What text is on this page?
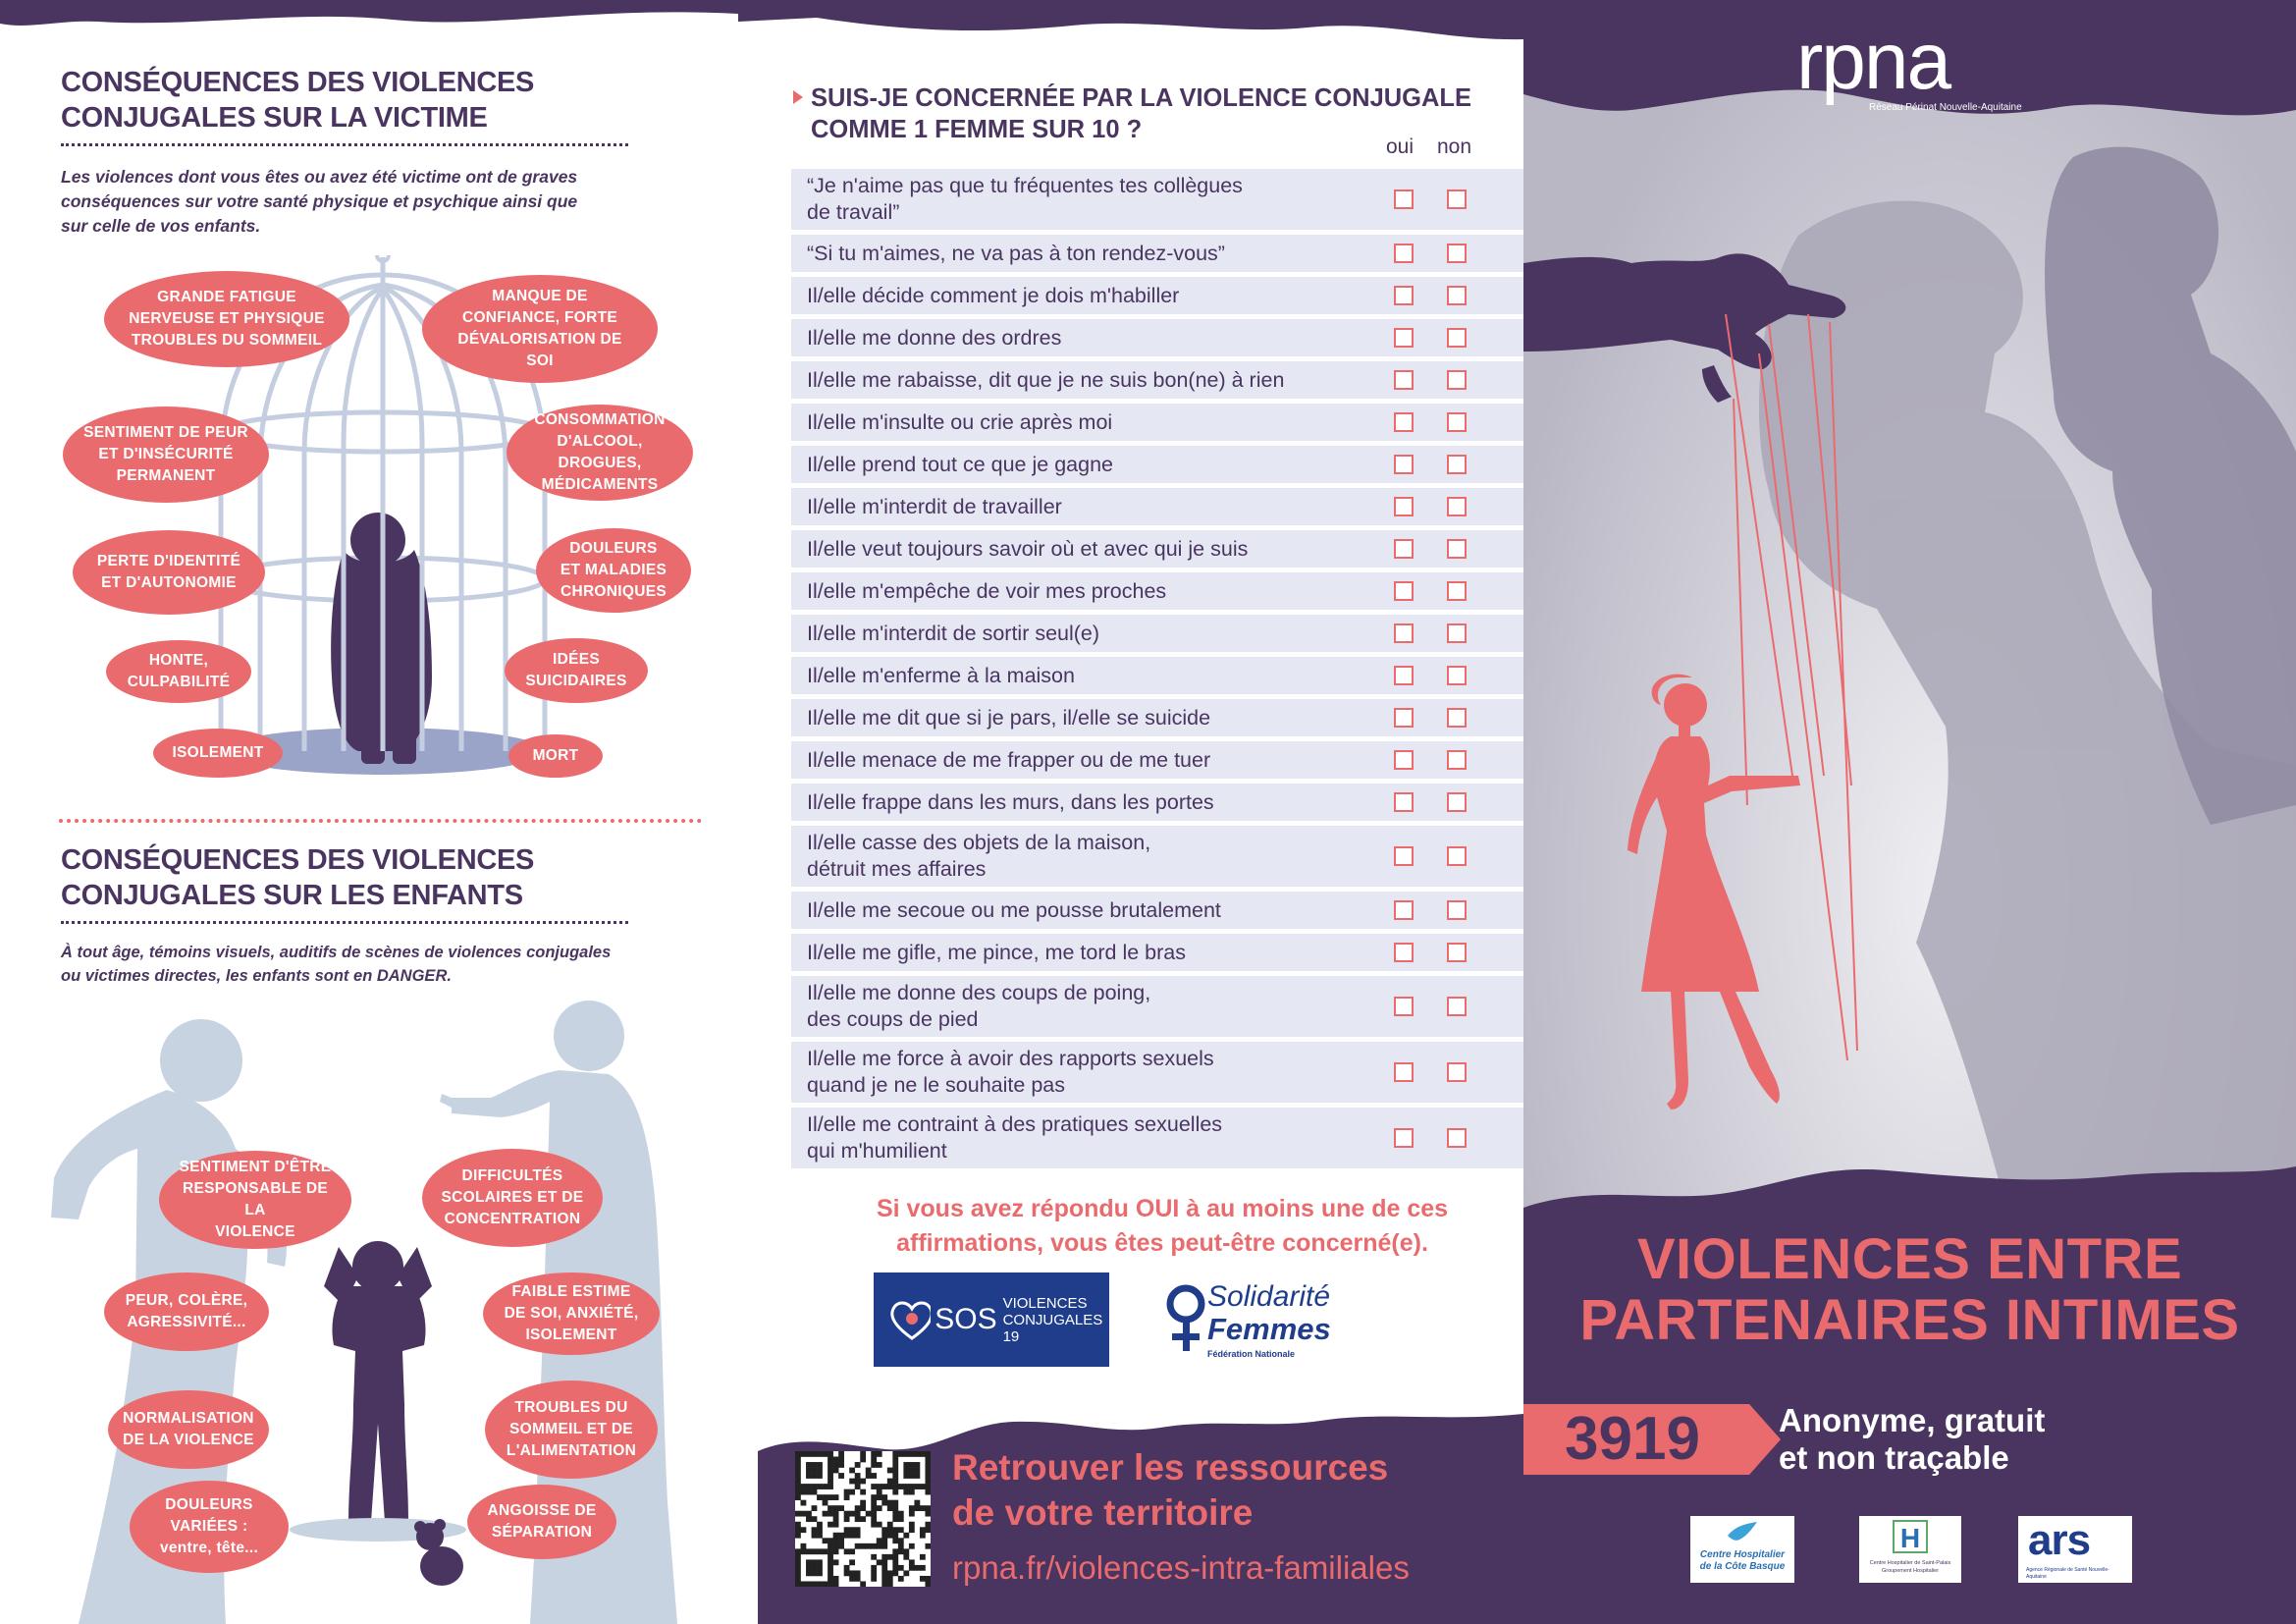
CONSÉQUENCES DES VIOLENCES
CONJUGALES SUR LA VICTIME
Les violences dont vous êtes ou avez été victime ont de graves
conséquences sur votre santé physique et psychique ainsi que
sur celle de vos enfants.
GRANDE FATIGUE
NERVEUSE ET PHYSIQUE
TROUBLES DU SOMMEIL
MANQUE DE
CONFIANCE, FORTE
DÉVALORISATION DE
SOI
SENTIMENT DE PEUR
ET D'INSÉCURITÉ
PERMANENT
CONSOMMATION
D'ALCOOL, DROGUES,
MÉDICAMENTS
PERTE D'IDENTITÉ
ET D'AUTONOMIE
DOULEURS
ET MALADIES
CHRONIQUES
HONTE,
CULPABILITÉ
IDÉES
SUICIDAIRES
ISOLEMENT	MORT
CONSÉQUENCES DES VIOLENCES
CONJUGALES SUR LES ENFANTS
À tout âge, témoins visuels, auditifs de scènes de violences conjugales
ou victimes directes, les enfants sont en DANGER.
SENTIMENT D'ÊTRE
RESPONSABLE DE LA
VIOLENCE
DIFFICULTÉS
SCOLAIRES ET DE
CONCENTRATION
PEUR, COLÈRE,
AGRESSIVITÉ...
FAIBLE ESTIME
DE SOI, ANXIÉTÉ,
ISOLEMENT
NORMALISATION
DE LA VIOLENCE
TROUBLES DU
SOMMEIL ET DE
L'ALIMENTATION
DOULEURS
VARIÉES :
ventre, tête...
ANGOISSE DE
SÉPARATION
SUIS-JE CONCERNÉE PAR LA VIOLENCE CONJUGALE
COMME 1 FEMME SUR 10 ?
oui non
“Je n'aime pas que tu fréquentes tes collègues
de travail”
“Si tu m'aimes, ne va pas à ton rendez-vous”
Il/elle décide comment je dois m'habiller
Il/elle me donne des ordres
Il/elle me rabaisse, dit que je ne suis bon(ne) à rien
Il/elle m'insulte ou crie après moi
Il/elle prend tout ce que je gagne
Il/elle m'interdit de travailler
Il/elle veut toujours savoir où et avec qui je suis
Il/elle m'empêche de voir mes proches
Il/elle m'interdit de sortir seul(e)
Il/elle m'enferme à la maison
Il/elle me dit que si je pars, il/elle se suicide
Il/elle menace de me frapper ou de me tuer
Il/elle frappe dans les murs, dans les portes
Il/elle casse des objets de la maison,
détruit mes affaires
Il/elle me secoue ou me pousse brutalement
Il/elle me gifle, me pince, me tord le bras
Il/elle me donne des coups de poing,
des coups de pied
Il/elle me force à avoir des rapports sexuels
quand je ne le souhaite pas
Il/elle me contraint à des pratiques sexuelles
qui m'humilient
Si vous avez répondu OUI à au moins une de ces
affirmations, vous êtes peut-être concerné(e).
SOS VIOLENCES
CONJUGALES 19
Solidarité
Femmes
Fédération Nationale
Retrouver les ressources
de votre territoire
rpna.fr/violences-intra-familiales
rpna
Réseau Périnat Nouvelle-Aquitaine
VIOLENCES ENTRE
PARTENAIRES INTIMES
3919 Anonyme, gratuit
et non traçable
Centre Hospitalier
de la Côte Basque
H
Centre Hospitalier de Saint-Palais
Groupement Hospitalier
ars
Agence Régionale de Santé Nouvelle-Aquitaine
